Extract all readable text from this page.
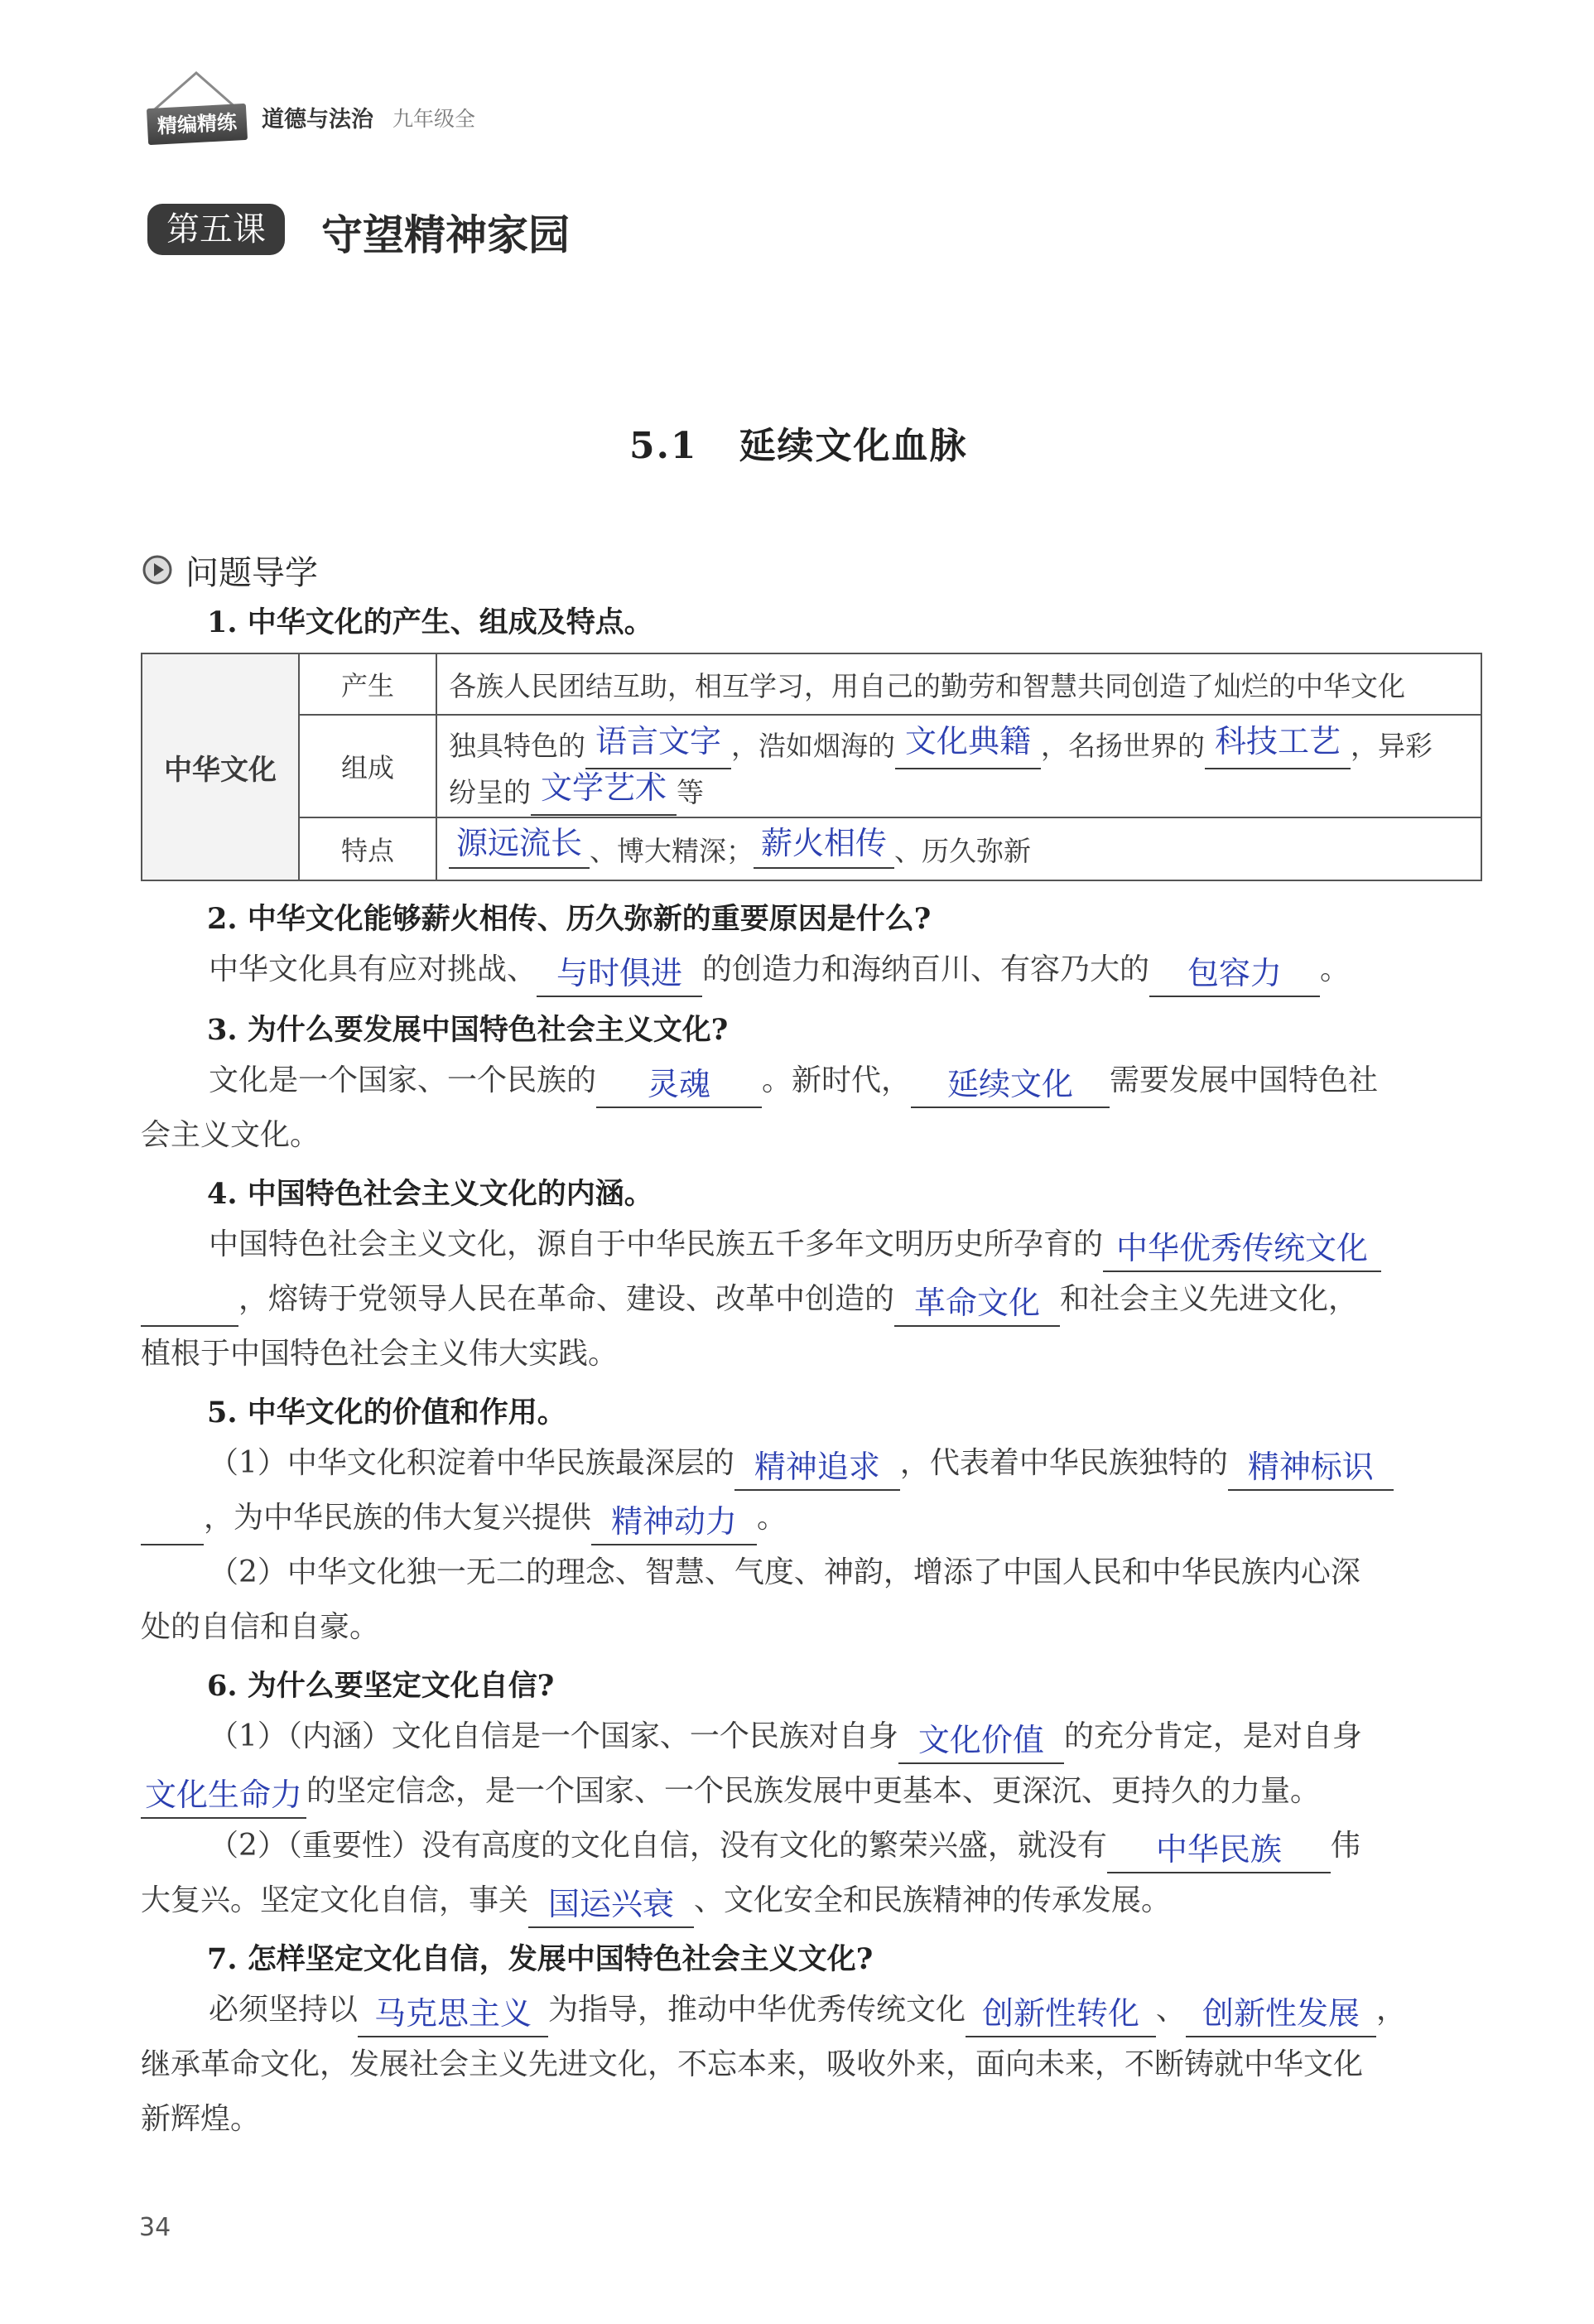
精编精练	道德与法治 九年级全
第五课	守望精神家园
5.1 延续文化血脉
问题导学
1. 中华文化的产生、组成及特点。
中华文化	产生	各族人民团结互助，相互学习，用自己的勤劳和智慧共同创造了灿烂的中华文化
	组成	独具特色的 语言文字 ，浩如烟海的 文化典籍 ，名扬世界的 科技工艺 ，异彩
纷呈的 文学艺术 等
	特点	源远流长 、博大精深； 薪火相传 、历久弥新
2. 中华文化能够薪火相传、历久弥新的重要原因是什么?
中华文化具有应对挑战、 与时俱进 的创造力和海纳百川、有容乃大的 包容力 。
3. 为什么要发展中国特色社会主义文化?
文化是一个国家、一个民族的 灵魂 。新时代， 延续文化 需要发展中国特色社
会主义文化。
4. 中国特色社会主义文化的内涵。
中国特色社会主义文化，源自于中华民族五千多年文明历史所孕育的 中华优秀传统文化
，熔铸于党领导人民在革命、建设、改革中创造的 革命文化 和社会主义先进文化，
植根于中国特色社会主义伟大实践。
5. 中华文化的价值和作用。
（1）中华文化积淀着中华民族最深层的 精神追求 ，代表着中华民族独特的 精神标识
，为中华民族的伟大复兴提供 精神动力 。
（2）中华文化独一无二的理念、智慧、气度、神韵，增添了中国人民和中华民族内心深
处的自信和自豪。
6. 为什么要坚定文化自信?
（1）（内涵）文化自信是一个国家、一个民族对自身 文化价值 的充分肯定，是对自身
文化生命力 的坚定信念，是一个国家、一个民族发展中更基本、更深沉、更持久的力量。
（2）（重要性）没有高度的文化自信，没有文化的繁荣兴盛，就没有 中华民族 伟
大复兴。坚定文化自信，事关 国运兴衰 、文化安全和民族精神的传承发展。
7. 怎样坚定文化自信，发展中国特色社会主义文化?
必须坚持以 马克思主义 为指导，推动中华优秀传统文化 创新性转化 、 创新性发展 ，
继承革命文化，发展社会主义先进文化，不忘本来，吸收外来，面向未来，不断铸就中华文化
新辉煌。
34
